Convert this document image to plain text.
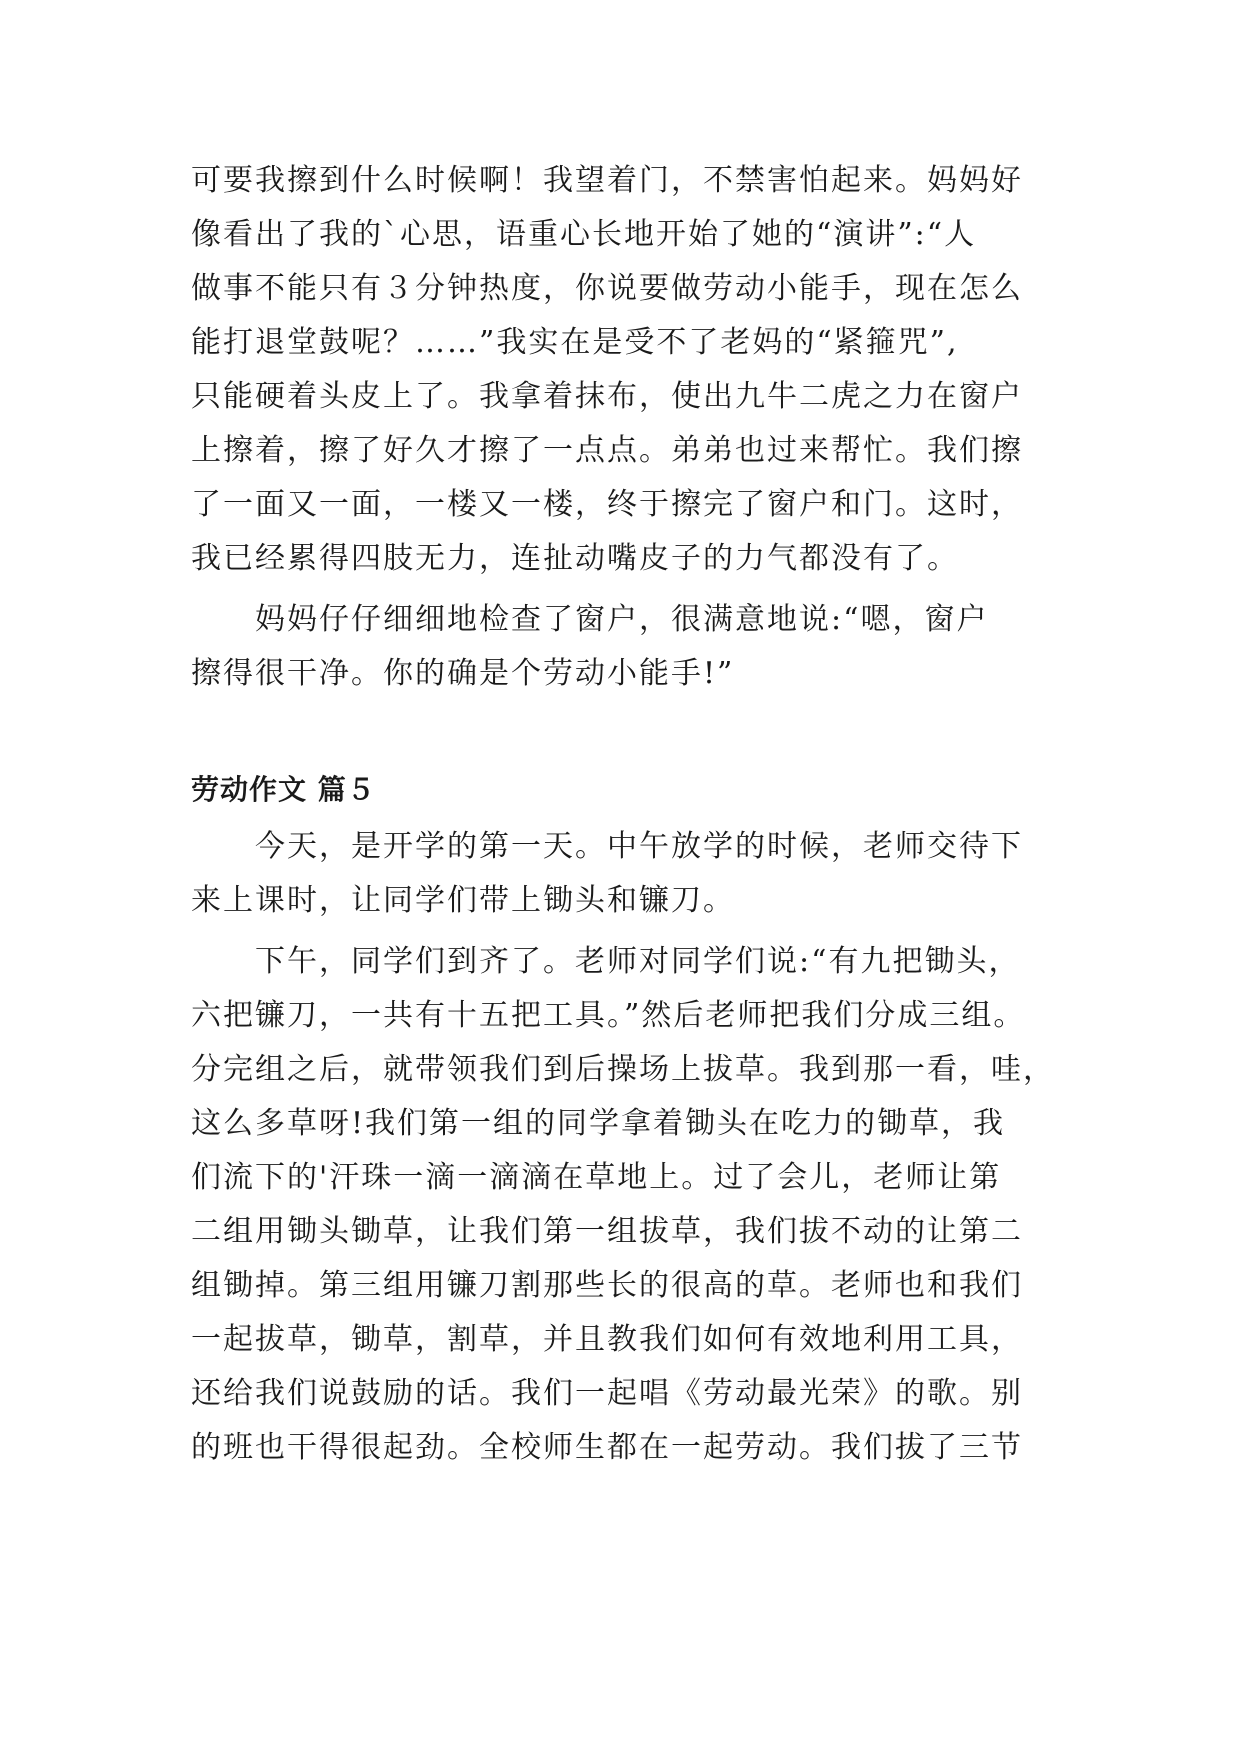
可要我擦到什么时候啊！我望着门，不禁害怕起来。妈妈好

像看出了我的`心思，语重心长地开始了她的“演讲”:“人

做事不能只有３分钟热度，你说要做劳动小能手，现在怎么

能打退堂鼓呢？……”我实在是受不了老妈的“紧箍咒”,

只能硬着头皮上了。我拿着抹布，使出九牛二虎之力在窗户

上擦着，擦了好久才擦了一点点。弟弟也过来帮忙。我们擦

了一面又一面，一楼又一楼，终于擦完了窗户和门。这时，

我已经累得四肢无力，连扯动嘴皮子的力气都没有了。

妈妈仔仔细细地检查了窗户，很满意地说:“嗯，窗户

擦得很干净。你的确是个劳动小能手!”

劳动作文 篇５

今天，是开学的第一天。中午放学的时候，老师交待下

来上课时，让同学们带上锄头和镰刀。

下午，同学们到齐了。老师对同学们说:“有九把锄头，

六把镰刀，一共有十五把工具。”然后老师把我们分成三组。

分完组之后，就带领我们到后操场上拔草。我到那一看，哇，

这么多草呀!我们第一组的同学拿着锄头在吃力的锄草，我

们流下的'汗珠一滴一滴滴在草地上。过了会儿，老师让第

二组用锄头锄草，让我们第一组拔草，我们拔不动的让第二

组锄掉。第三组用镰刀割那些长的很高的草。老师也和我们

一起拔草，锄草，割草，并且教我们如何有效地利用工具，

还给我们说鼓励的话。我们一起唱《劳动最光荣》的歌。别

的班也干得很起劲。全校师生都在一起劳动。我们拔了三节
